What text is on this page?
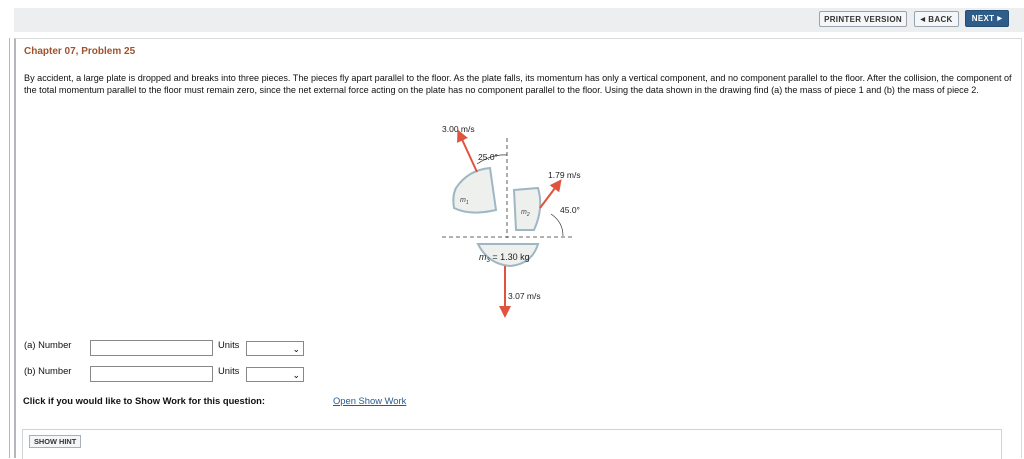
PRINTER VERSION	◀ BACK NEXT ▶
Chapter 07, Problem 25
By accident, a large plate is dropped and breaks into three pieces. The pieces fly apart parallel to the floor. As the plate falls, its momentum has only a vertical component, and no component parallel to the floor. After the collision, the component of the total momentum parallel to the floor must remain zero, since the net external force acting on the plate has no component parallel to the floor. Using the data shown in the drawing find (a) the mass of piece 1 and (b) the mass of piece 2.
3.00 m/s
25.0°
1.79 m/s
45.0°
$m_1$
$m_2$
$m_3 = 1.30$ kg
3.07 m/s
(a) Number	Units	⌄
(b) Number	Units	⌄
Click if you would like to Show Work for this question:	Open Show Work
SHOW HINT
